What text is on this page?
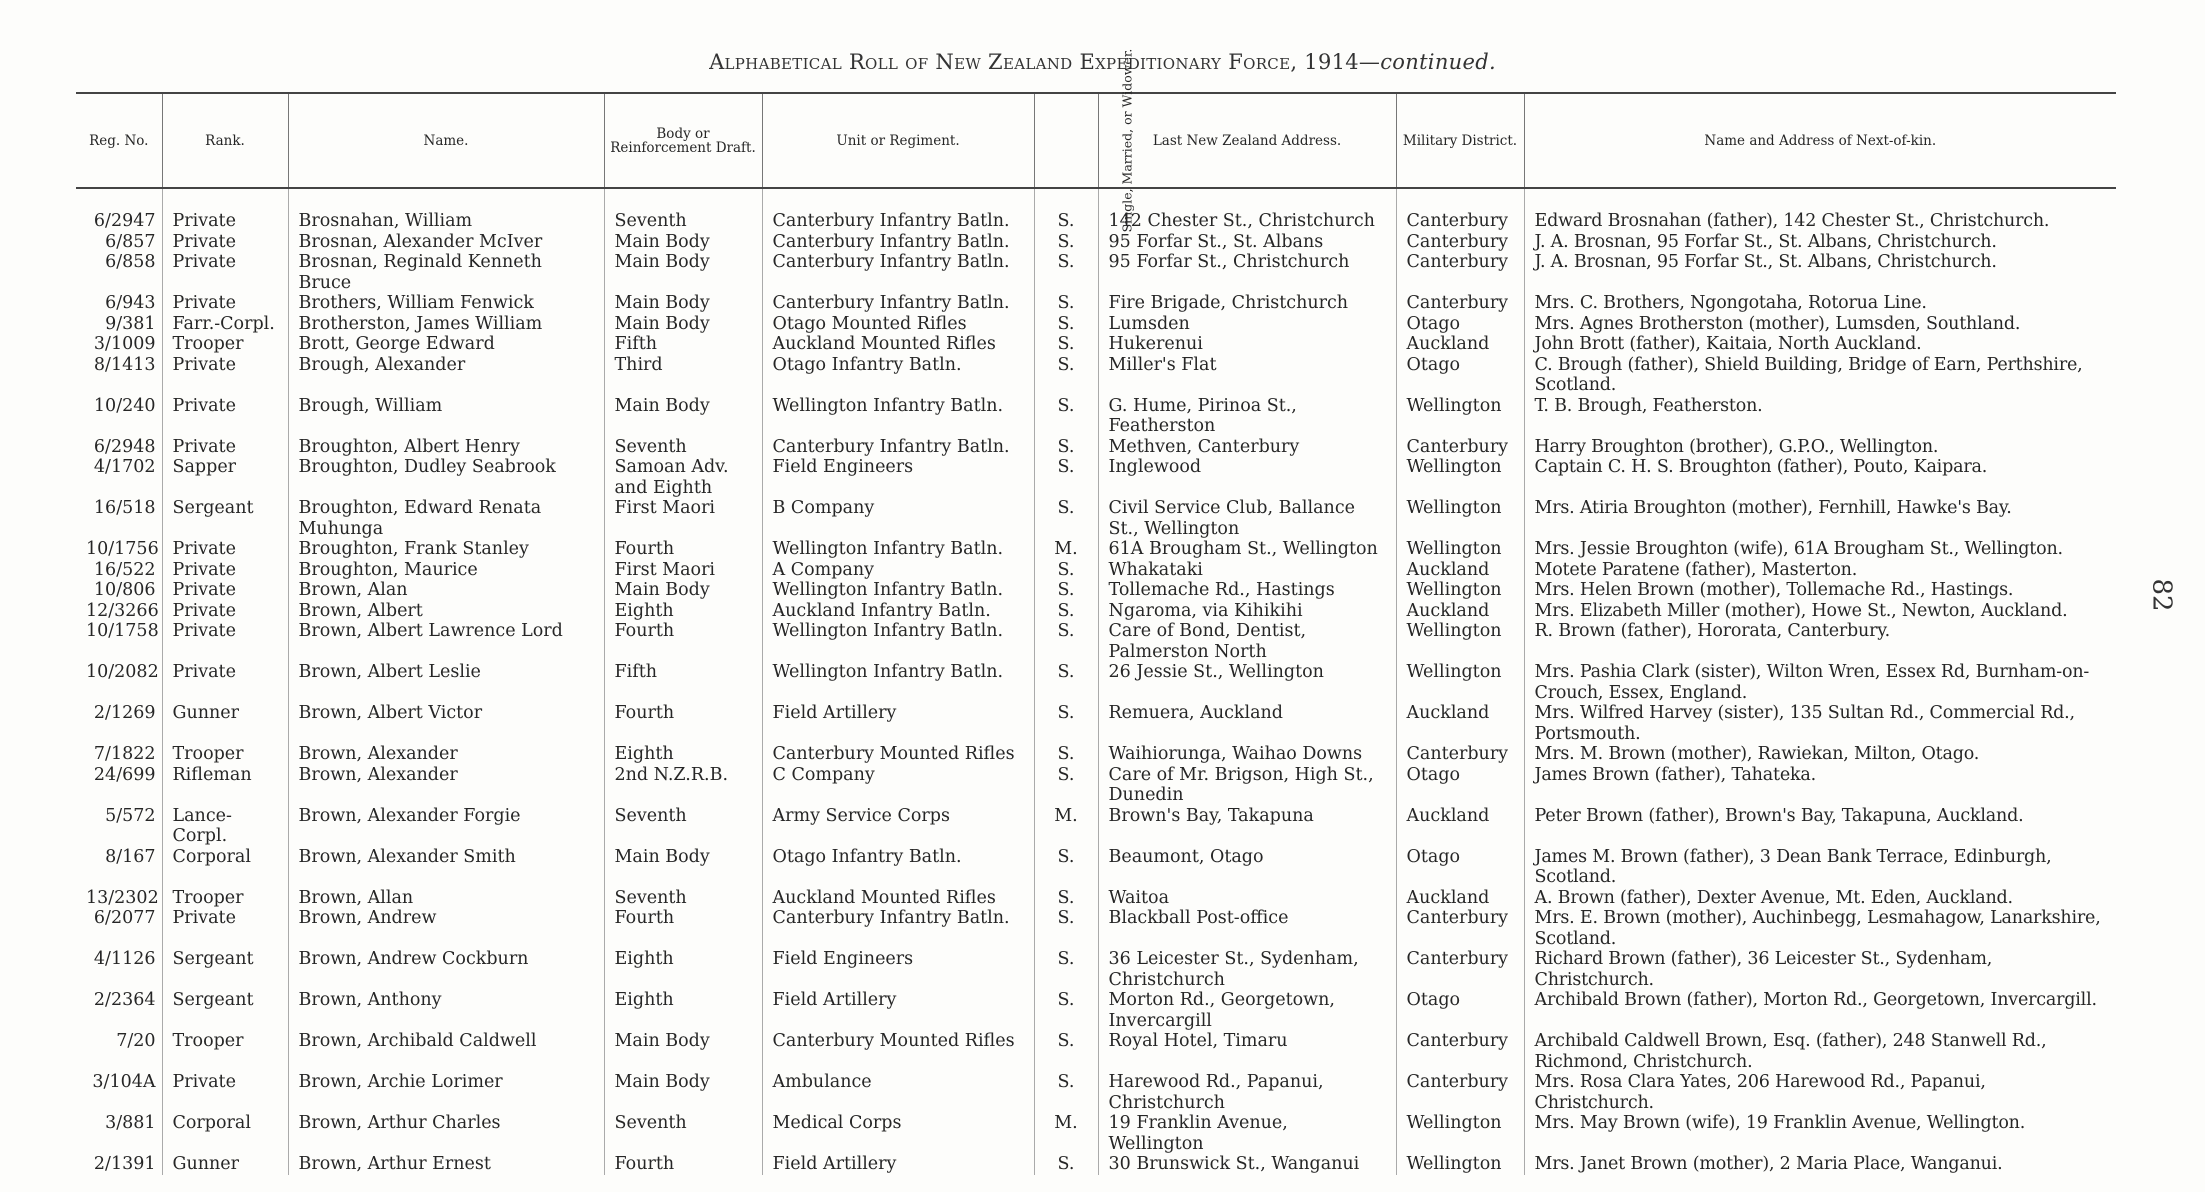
Alphabetical Roll of New Zealand Expeditionary Force, 1914—continued.
82
Reg. No.	Rank.	Name.	Body or Reinforcement Draft.	Unit or Regiment.	Single, Married, or Widower.	Last New Zealand Address.	Military District.	Name and Address of Next-of-kin.

6/2947	Private	Brosnahan, William	Seventh	Canterbury Infantry Batln.	S.	142 Chester St., Christchurch	Canterbury	Edward Brosnahan (father), 142 Chester St., Christchurch.
6/857	Private	Brosnan, Alexander McIver	Main Body	Canterbury Infantry Batln.	S.	95 Forfar St., St. Albans	Canterbury	J. A. Brosnan, 95 Forfar St., St. Albans, Christchurch.
6/858	Private	Brosnan, Reginald Kenneth Bruce	Main Body	Canterbury Infantry Batln.	S.	95 Forfar St., Christchurch	Canterbury	J. A. Brosnan, 95 Forfar St., St. Albans, Christchurch.
6/943	Private	Brothers, William Fenwick	Main Body	Canterbury Infantry Batln.	S.	Fire Brigade, Christchurch	Canterbury	Mrs. C. Brothers, Ngongotaha, Rotorua Line.
9/381	Farr.-Corpl.	Brotherston, James William	Main Body	Otago Mounted Rifles	S.	Lumsden	Otago	Mrs. Agnes Brotherston (mother), Lumsden, Southland.
3/1009	Trooper	Brott, George Edward	Fifth	Auckland Mounted Rifles	S.	Hukerenui	Auckland	John Brott (father), Kaitaia, North Auckland.
8/1413	Private	Brough, Alexander	Third	Otago Infantry Batln.	S.	Miller's Flat	Otago	C. Brough (father), Shield Building, Bridge of Earn, Perthshire, Scotland.
10/240	Private	Brough, William	Main Body	Wellington Infantry Batln.	S.	G. Hume, Pirinoa St., Featherston	Wellington	T. B. Brough, Featherston.
6/2948	Private	Broughton, Albert Henry	Seventh	Canterbury Infantry Batln.	S.	Methven, Canterbury	Canterbury	Harry Broughton (brother), G.P.O., Wellington.
4/1702	Sapper	Broughton, Dudley Seabrook	Samoan Adv. and Eighth	Field Engineers	S.	Inglewood	Wellington	Captain C. H. S. Broughton (father), Pouto, Kaipara.
16/518	Sergeant	Broughton, Edward Renata Muhunga	First Maori	B Company	S.	Civil Service Club, Ballance St., Wellington	Wellington	Mrs. Atiria Broughton (mother), Fernhill, Hawke's Bay.
10/1756	Private	Broughton, Frank Stanley	Fourth	Wellington Infantry Batln.	M.	61A Brougham St., Wellington	Wellington	Mrs. Jessie Broughton (wife), 61A Brougham St., Wellington.
16/522	Private	Broughton, Maurice	First Maori	A Company	S.	Whakataki	Auckland	Motete Paratene (father), Masterton.
10/806	Private	Brown, Alan	Main Body	Wellington Infantry Batln.	S.	Tollemache Rd., Hastings	Wellington	Mrs. Helen Brown (mother), Tollemache Rd., Hastings.
12/3266	Private	Brown, Albert	Eighth	Auckland Infantry Batln.	S.	Ngaroma, via Kihikihi	Auckland	Mrs. Elizabeth Miller (mother), Howe St., Newton, Auckland.
10/1758	Private	Brown, Albert Lawrence Lord	Fourth	Wellington Infantry Batln.	S.	Care of Bond, Dentist, Palmerston North	Wellington	R. Brown (father), Hororata, Canterbury.
10/2082	Private	Brown, Albert Leslie	Fifth	Wellington Infantry Batln.	S.	26 Jessie St., Wellington	Wellington	Mrs. Pashia Clark (sister), Wilton Wren, Essex Rd, Burnham-on-Crouch, Essex, England.
2/1269	Gunner	Brown, Albert Victor	Fourth	Field Artillery	S.	Remuera, Auckland	Auckland	Mrs. Wilfred Harvey (sister), 135 Sultan Rd., Commercial Rd., Portsmouth.
7/1822	Trooper	Brown, Alexander	Eighth	Canterbury Mounted Rifles	S.	Waihiorunga, Waihao Downs	Canterbury	Mrs. M. Brown (mother), Rawiekan, Milton, Otago.
24/699	Rifleman	Brown, Alexander	2nd N.Z.R.B.	C Company	S.	Care of Mr. Brigson, High St., Dunedin	Otago	James Brown (father), Tahateka.
5/572	Lance-Corpl.	Brown, Alexander Forgie	Seventh	Army Service Corps	M.	Brown's Bay, Takapuna	Auckland	Peter Brown (father), Brown's Bay, Takapuna, Auckland.
8/167	Corporal	Brown, Alexander Smith	Main Body	Otago Infantry Batln.	S.	Beaumont, Otago	Otago	James M. Brown (father), 3 Dean Bank Terrace, Edinburgh, Scotland.
13/2302	Trooper	Brown, Allan	Seventh	Auckland Mounted Rifles	S.	Waitoa	Auckland	A. Brown (father), Dexter Avenue, Mt. Eden, Auckland.
6/2077	Private	Brown, Andrew	Fourth	Canterbury Infantry Batln.	S.	Blackball Post-office	Canterbury	Mrs. E. Brown (mother), Auchinbegg, Lesmahagow, Lanarkshire, Scotland.
4/1126	Sergeant	Brown, Andrew Cockburn	Eighth	Field Engineers	S.	36 Leicester St., Sydenham, Christchurch	Canterbury	Richard Brown (father), 36 Leicester St., Sydenham, Christchurch.
2/2364	Sergeant	Brown, Anthony	Eighth	Field Artillery	S.	Morton Rd., Georgetown, Invercargill	Otago	Archibald Brown (father), Morton Rd., Georgetown, Invercargill.
7/20	Trooper	Brown, Archibald Caldwell	Main Body	Canterbury Mounted Rifles	S.	Royal Hotel, Timaru	Canterbury	Archibald Caldwell Brown, Esq. (father), 248 Stanwell Rd., Richmond, Christchurch.
3/104A	Private	Brown, Archie Lorimer	Main Body	Ambulance	S.	Harewood Rd., Papanui, Christchurch	Canterbury	Mrs. Rosa Clara Yates, 206 Harewood Rd., Papanui, Christchurch.
3/881	Corporal	Brown, Arthur Charles	Seventh	Medical Corps	M.	19 Franklin Avenue, Wellington	Wellington	Mrs. May Brown (wife), 19 Franklin Avenue, Wellington.
2/1391	Gunner	Brown, Arthur Ernest	Fourth	Field Artillery	S.	30 Brunswick St., Wanganui	Wellington	Mrs. Janet Brown (mother), 2 Maria Place, Wanganui.
